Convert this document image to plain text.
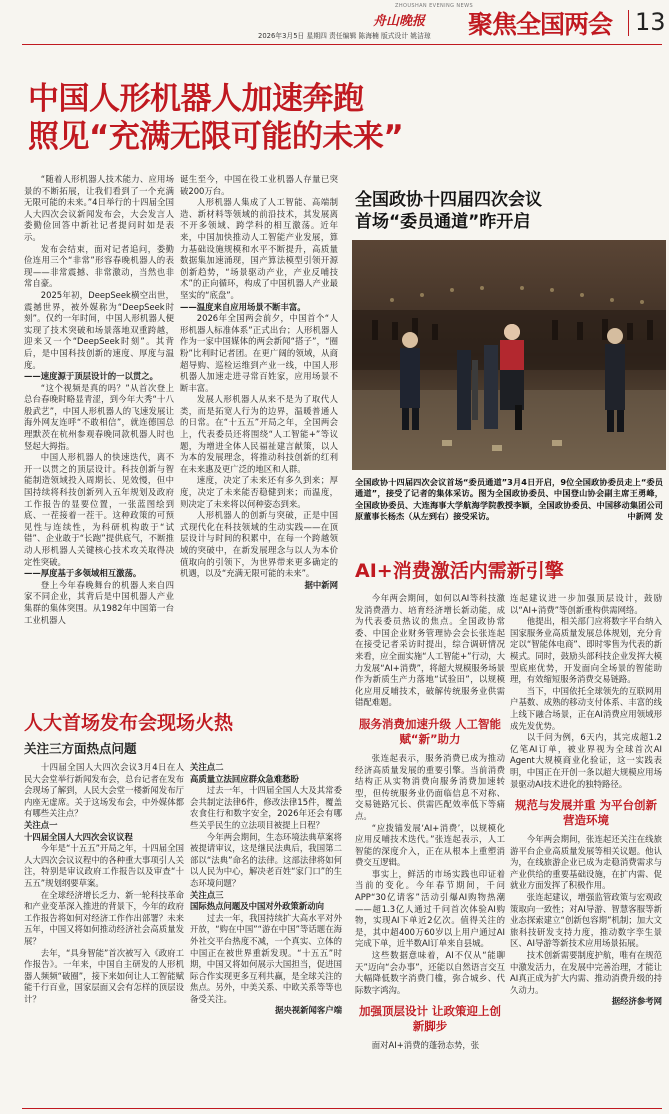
ZHOUSHAN EVENING NEWS
舟山晚报 聚焦全国两会 13
2026年3月5日 星期四 责任编辑 陈海楠 版式设计 姚洁琼
中国人形机器人加速奔跑
照见“充满无限可能的未来”

“随着人形机器人技术能力、应用场景的不断拓展，让我们看到了一个充满无限可能的未来。”4日举行的十四届全国人大四次会议新闻发布会，大会发言人娄勤俭回答中新社记者提问时如是表示。

发布会结束，面对记者追问，娄勤俭连用三个“非常”形容春晚机器人的表现——非常震撼、非常激动，当然也非常自豪。

2025年初，DeepSeek横空出世，震撼世界，被外媒称为“DeepSeek时刻”。仅约一年时间，中国人形机器人便实现了技术突破和场景落地双重跨越，迎来又一个“DeepSeek时刻”。其背后，是中国科技创新的速度、厚度与温度。

——速度源于顶层设计的一以贯之。

“这个视频是真的吗？”从首次登上总台春晚时略显青涩，到今年大秀“十八般武艺”，中国人形机器人的飞速发展让海外网友连呼“不敢相信”，就连德国总理默茨在杭州参观春晚同款机器人时也竖起大拇指。

中国人形机器人的快速迭代，离不开一以贯之的顶层设计。科技创新与智能制造领域投入周期长、见效慢，但中国持续将科技创新列入五年规划及政府工作报告的显要位置，一张蓝图绘到底、一茬接着一茬干。这种政策的可预见性与连续性，为科研机构敢于“试错”、企业敢于“长跑”提供底气，不断推动人形机器人关键核心技术攻关取得决定性突破。

——厚度基于多领域相互激荡。

登上今年春晚舞台的机器人来自四家不同企业，其背后是中国机器人产业集群的集体突围。从1982年中国第一台工业机器人

诞生至今，中国在役工业机器人存量已突破200万台。

人形机器人集成了人工智能、高端制造、新材料等领域的前沿技术，其发展离不开多领域、跨学科的相互激荡。近年来，中国加快推动人工智能产业发展，算力基础设施规模和水平不断提升，高质量数据集加速涌现，国产算法模型引领开源创新趋势，“场景驱动产业，产业反哺技术”的正向循环，构成了中国机器人产业最坚实的“底盘”。

——温度来自应用场景不断丰富。

2026年全国两会前夕，中国首个“人形机器人标准体系”正式出台；人形机器人作为一家中国媒体的两会新闻“搭子”，“圈粉”比利时记者团。在更广阔的领域，从商超导购、巡检运维到产业一线，中国人形机器人加速走进寻常百姓家，应用场景不断丰富。

发展人形机器人从来不是为了取代人类，而是拓宽人行为的边界，温暖普通人的日常。在“十五五”开局之年，全国两会上，代表委员还将围绕“人工智能+”等议题，为增进全体人民福祉建言献策，以人为本的发展理念，将推动科技创新的红利在未来惠及更广泛的地区和人群。

速度，决定了未来还有多久到来；厚度，决定了未来能否稳健到来；而温度，则决定了未来将以何种姿态到来。

人形机器人的创新与突破，正是中国式现代化在科技领域的生动实践——在顶层设计与时间的积累中，在每一个跨越领域的突破中，在新发展理念与以人为本价值取向的引领下，为世界带来更多确定的机遇，以及“充满无限可能的未来”。

据中新网

全国政协十四届四次会议
首场“委员通道”昨开启
全国政协十四届四次会议首场“委员通道”3月4日开启，9位全国政协委员走上“委员通道”，接受了记者的集体采访。图为全国政协委员、中国登山协会副主席王勇峰，全国政协委员、大连海事大学航海学院教授李颖，全国政协委员、中国移动集团公司原董事长杨杰（从左到右）接受采访。	中新网 发
AI+消费激活内需新引擎

今年两会期间，如何以AI等科技激发消费潜力、培育经济增长新动能，成为代表委员热议的焦点。全国政协常委、中国企业财务管理协会会长张连起在接受记者采访时提出，综合调研情况来看，应全面实施“人工智能+”行动，大力发展“AI+消费”，将超大规模服务场景作为新质生产力落地“试验田”，以规模化应用反哺技术，破解传统服务业供需错配难题。

服务消费加速升级 人工智能赋“新”助力

张连起表示，服务消费已成为推动经济高质量发展的重要引擎。当前消费结构正从实物消费向服务消费加速转型，但传统服务业仍面临信息不对称、交易链路冗长、供需匹配效率低下等痛点。

“应拨锚发展‘AI+消费’，以规模化应用反哺技术迭代。”张连起表示，人工智能的深度介入，正在从根本上重塑消费交互逻辑。

事实上，鲜活的市场实践也印证着当前的变化。今年春节期间，千问APP“30亿请客”活动引爆AI购物热潮——超1.3亿人通过千问首次体验AI购物，实现AI下单近2亿次。值得关注的是，其中超400万60岁以上用户通过AI完成下单，近半数AI订单来自县城。

这些数据意味着，AI不仅从“能聊天”迈向“会办事”，还能以自然语言交互大幅降低数字消费门槛，弥合城乡、代际数字鸿沟。

加强顶层设计 让政策迎上创新脚步

面对AI+消费的蓬勃态势，张

连起建议进一步加强顶层设计，鼓励以“AI+消费”等创新重构供需网络。

他提出，相关部门应将数字平台纳入国家服务业高质量发展总体规划，充分肯定以“智能体电商”、即时零售为代表的新模式。同时，鼓励头部科技企业发挥大模型底座优势，开发面向全场景的智能助理，有效缩短服务消费交易链路。

当下，中国依托全球领先的互联网用户基数、成熟的移动支付体系、丰富的线上线下融合场景，正在AI消费应用领域形成先发优势。

以千问为例，6天内，其完成超1.2亿笔AI订单，被业界视为全球首次AI Agent大规模商业化验证，这一实践表明，中国正在开创一条以超大规模应用场景驱动AI技术进化的独特路径。

规范与发展并重 为平台创新营造环境

今年两会期间，张连起还关注在线旅游平台企业高质量发展等相关议题。他认为，在线旅游企业已成为走稳消费需求与产业供给的重要基础设施，在扩内需、促就业方面发挥了积极作用。

张连起建议，增强监管政策与宏观政策取向一致性；对AI导游、智慧客服等新业态探索建立“创新包容期”机制；加大文旅科技研发支持力度，推动数字孪生景区、AI导游等新技术应用场景拓展。

技术创新需要制度护航，唯有在规范中激发活力，在发展中完善治理，才能让AI真正成为扩大内需、推动消费升级的持久动力。

据经济参考网

人大首场发布会现场火热
关注三方面热点问题

十四届全国人大四次会议3月4日在人民大会堂举行新闻发布会，总台记者在发布会现场了解到，人民大会堂一楼新闻发布厅内座无虚席。关于这场发布会，中外媒体都有哪些关注点？

关注点一

十四届全国人大四次会议议程

今年是“十五五”开局之年，十四届全国人大四次会议议程中的各种重大事项引人关注，特别是审议政府工作报告以及审查“十五五”规划纲要草案。

在全球经济增长乏力、新一轮科技革命和产业变革深入推进的背景下，今年的政府工作报告将如何对经济工作作出部署？未来五年，中国又将如何推动经济社会高质量发展？

去年，“具身智能”首次被写入《政府工作报告》。一年来，中国自主研发的人形机器人频频“破圈”，接下来如何让人工智能赋能千行百业，国家层面又会有怎样的顶层设计？

关注点二

高质量立法回应群众急难愁盼

过去一年，十四届全国人大及其常委会共制定法律6件，修改法律15件，覆盖农食住行和数字安全，2026年还会有哪些关乎民生的立法项目被提上日程？

今年两会期间，生态环境法典草案将被提请审议，这是继民法典后，我国第二部以“法典”命名的法律。这部法律将如何以人民为中心，解决老百姓“家门口”的生态环境问题？

关注点三

国际热点问题及中国对外政策新动向

过去一年，我国持续扩大高水平对外开放，“购在中国”“游在中国”等话题在海外社交平台热度不减，一个真实、立体的中国正在被世界重新发现。“十五五”时期，中国又将如何展示大国担当，促进国际合作实现更多互利共赢，是全球关注的焦点。另外，中美关系、中欧关系等等也备受关注。

据央视新闻客户端
